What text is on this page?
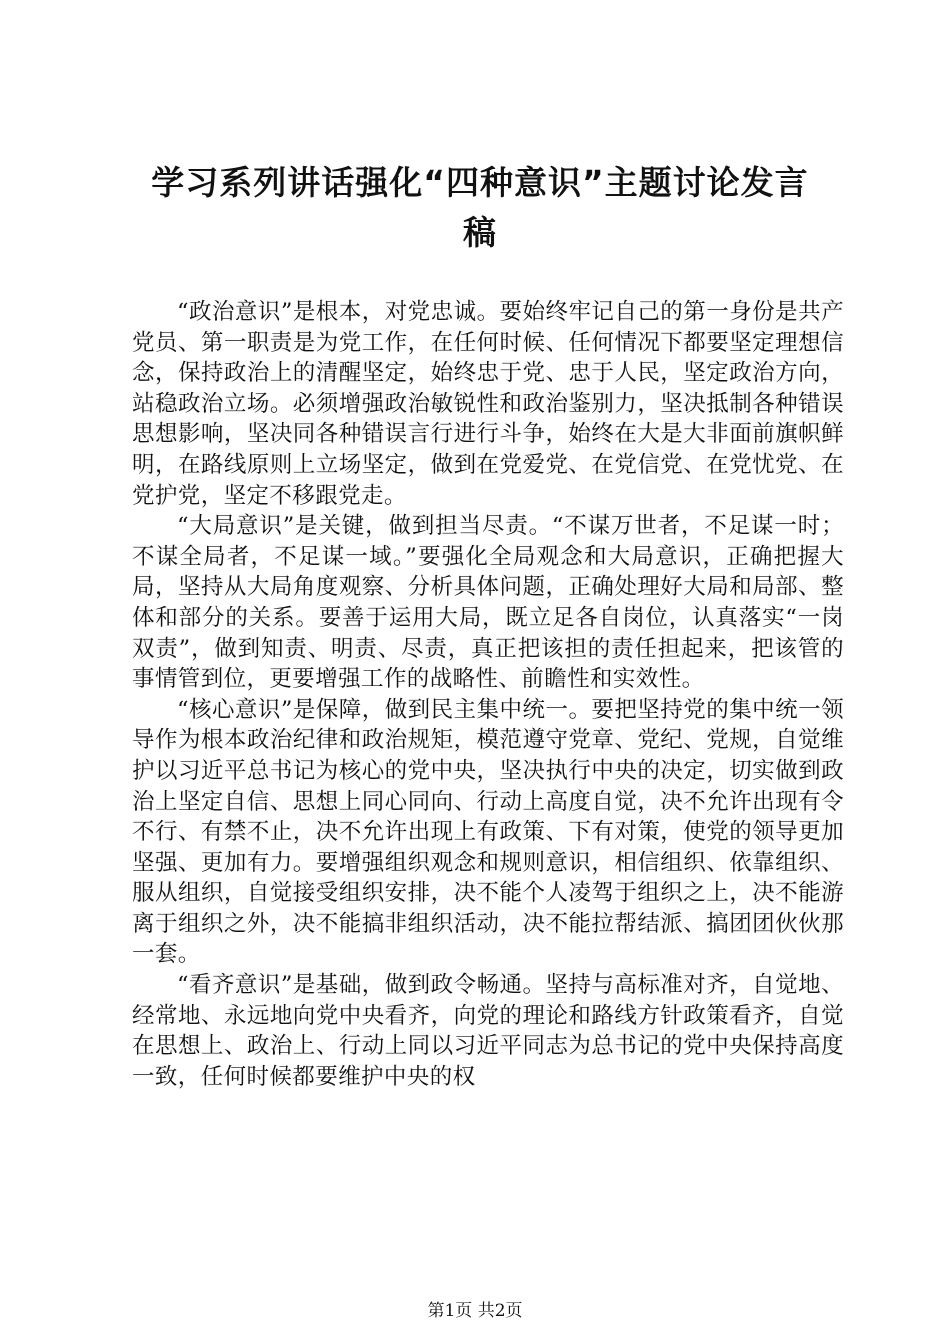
学习系列讲话强化“四种意识”主题讨论发言
稿

“政治意识”是根本，对党忠诚。要始终牢记自己的第一身份是共产党员、第一职责是为党工作，在任何时候、任何情况下都要坚定理想信念，保持政治上的清醒坚定，始终忠于党、忠于人民，坚定政治方向，站稳政治立场。必须增强政治敏锐性和政治鉴别力，坚决抵制各种错误思想影响，坚决同各种错误言行进行斗争，始终在大是大非面前旗帜鲜明，在路线原则上立场坚定，做到在党爱党、在党信党、在党忧党、在党护党，坚定不移跟党走。

“大局意识”是关键，做到担当尽责。“不谋万世者，不足谋一时；不谋全局者，不足谋一域。”要强化全局观念和大局意识，正确把握大局，坚持从大局角度观察、分析具体问题，正确处理好大局和局部、整体和部分的关系。要善于运用大局，既立足各自岗位，认真落实“一岗双责”，做到知责、明责、尽责，真正把该担的责任担起来，把该管的事情管到位，更要增强工作的战略性、前瞻性和实效性。

“核心意识”是保障，做到民主集中统一。要把坚持党的集中统一领导作为根本政治纪律和政治规矩，模范遵守党章、党纪、党规，自觉维护以习近平总书记为核心的党中央，坚决执行中央的决定，切实做到政治上坚定自信、思想上同心同向、行动上高度自觉，决不允许出现有令不行、有禁不止，决不允许出现上有政策、下有对策，使党的领导更加坚强、更加有力。要增强组织观念和规则意识，相信组织、依靠组织、服从组织，自觉接受组织安排，决不能个人凌驾于组织之上，决不能游离于组织之外，决不能搞非组织活动，决不能拉帮结派、搞团团伙伙那一套。

“看齐意识”是基础，做到政令畅通。坚持与高标准对齐，自觉地、经常地、永远地向党中央看齐，向党的理论和路线方针政策看齐，自觉在思想上、政治上、行动上同以习近平同志为总书记的党中央保持高度一致，任何时候都要维护中央的权

第1页 共2页
